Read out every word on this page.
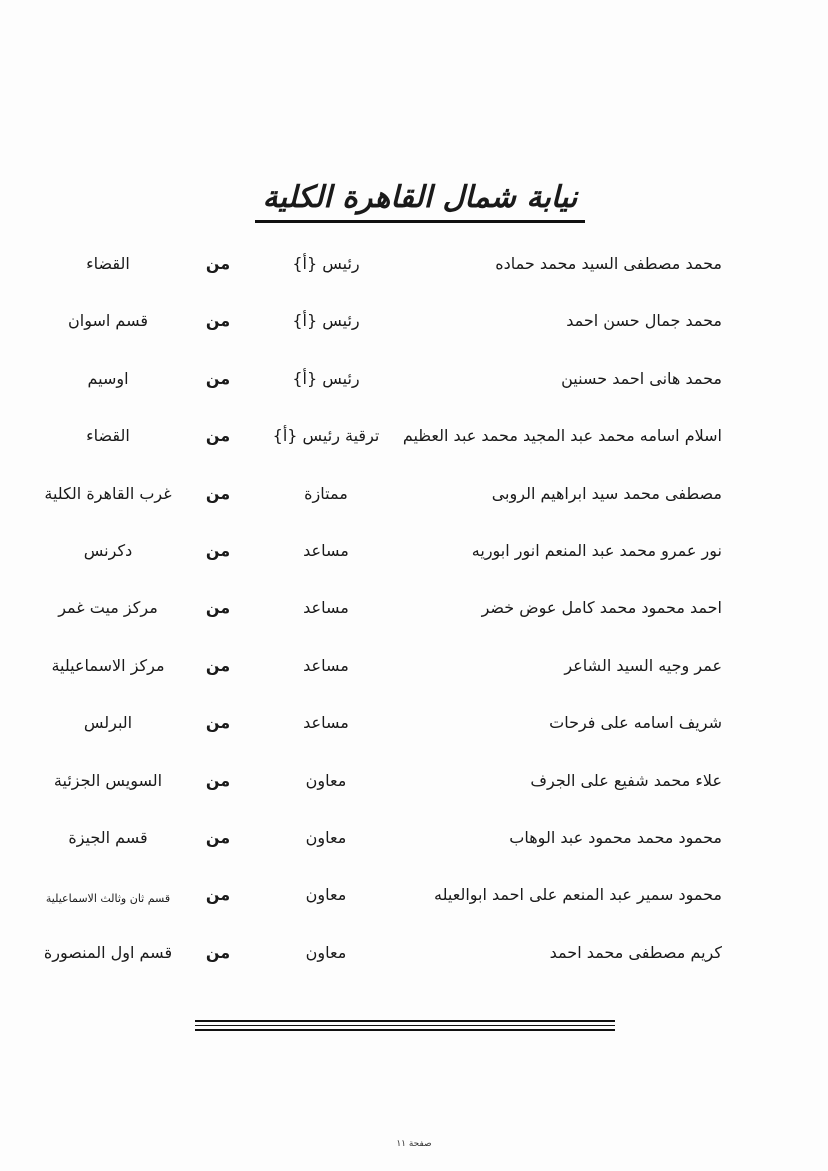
نيابة شمال القاهرة الكلية
محمد مصطفى السيد محمد حماده
رئيس {أ}
من
القضاء
محمد جمال حسن احمد
رئيس {أ}
من
قسم اسوان
محمد هانى احمد حسنين
رئيس {أ}
من
اوسيم
اسلام اسامه محمد عبد المجيد محمد عبد العظيم
ترقية رئيس {أ}
من
القضاء
مصطفى محمد سيد ابراهيم الروبى
ممتازة
من
غرب القاهرة الكلية
نور عمرو محمد عبد المنعم انور ابوريه
مساعد
من
دكرنس
احمد محمود محمد كامل عوض خضر
مساعد
من
مركز ميت غمر
عمر وجيه السيد الشاعر
مساعد
من
مركز الاسماعيلية
شريف اسامه على فرحات
مساعد
من
البرلس
علاء محمد شفيع على الجرف
معاون
من
السويس الجزئية
محمود محمد محمود عبد الوهاب
معاون
من
قسم الجيزة
محمود سمير عبد المنعم على احمد ابوالعيله
معاون
من
قسم ثان وثالث الاسماعيلية
كريم مصطفى محمد احمد
معاون
من
قسم اول المنصورة
صفحة ١١
